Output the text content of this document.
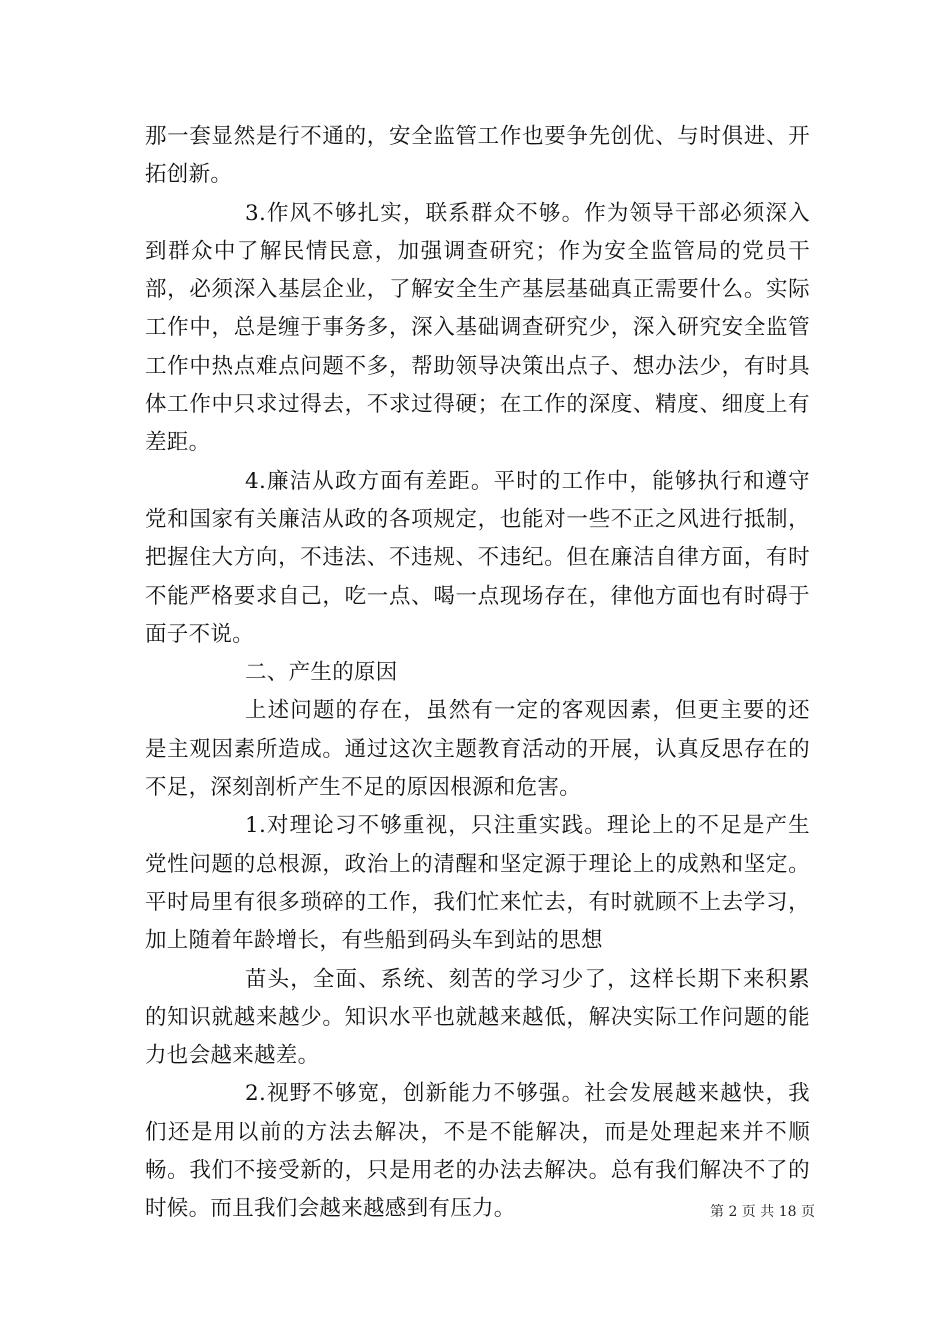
那一套显然是行不通的，安全监管工作也要争先创优、与时俱进、开拓创新。

3.作风不够扎实，联系群众不够。作为领导干部必须深入到群众中了解民情民意，加强调查研究；作为安全监管局的党员干部，必须深入基层企业，了解安全生产基层基础真正需要什么。实际工作中，总是缠于事务多，深入基础调查研究少，深入研究安全监管工作中热点难点问题不多，帮助领导决策出点子、想办法少，有时具体工作中只求过得去，不求过得硬；在工作的深度、精度、细度上有差距。

4.廉洁从政方面有差距。平时的工作中，能够执行和遵守党和国家有关廉洁从政的各项规定，也能对一些不正之风进行抵制，把握住大方向，不违法、不违规、不违纪。但在廉洁自律方面，有时不能严格要求自己，吃一点、喝一点现场存在，律他方面也有时碍于面子不说。

二、产生的原因

上述问题的存在，虽然有一定的客观因素，但更主要的还是主观因素所造成。通过这次主题教育活动的开展，认真反思存在的不足，深刻剖析产生不足的原因根源和危害。

1.对理论习不够重视，只注重实践。理论上的不足是产生党性问题的总根源，政治上的清醒和坚定源于理论上的成熟和坚定。平时局里有很多琐碎的工作，我们忙来忙去，有时就顾不上去学习，加上随着年龄增长，有些船到码头车到站的思想

苗头，全面、系统、刻苦的学习少了，这样长期下来积累的知识就越来越少。知识水平也就越来越低，解决实际工作问题的能力也会越来越差。

2.视野不够宽，创新能力不够强。社会发展越来越快，我们还是用以前的方法去解决，不是不能解决，而是处理起来并不顺畅。我们不接受新的，只是用老的办法去解决。总有我们解决不了的时候。而且我们会越来越感到有压力。	第 2 页 共 18 页
